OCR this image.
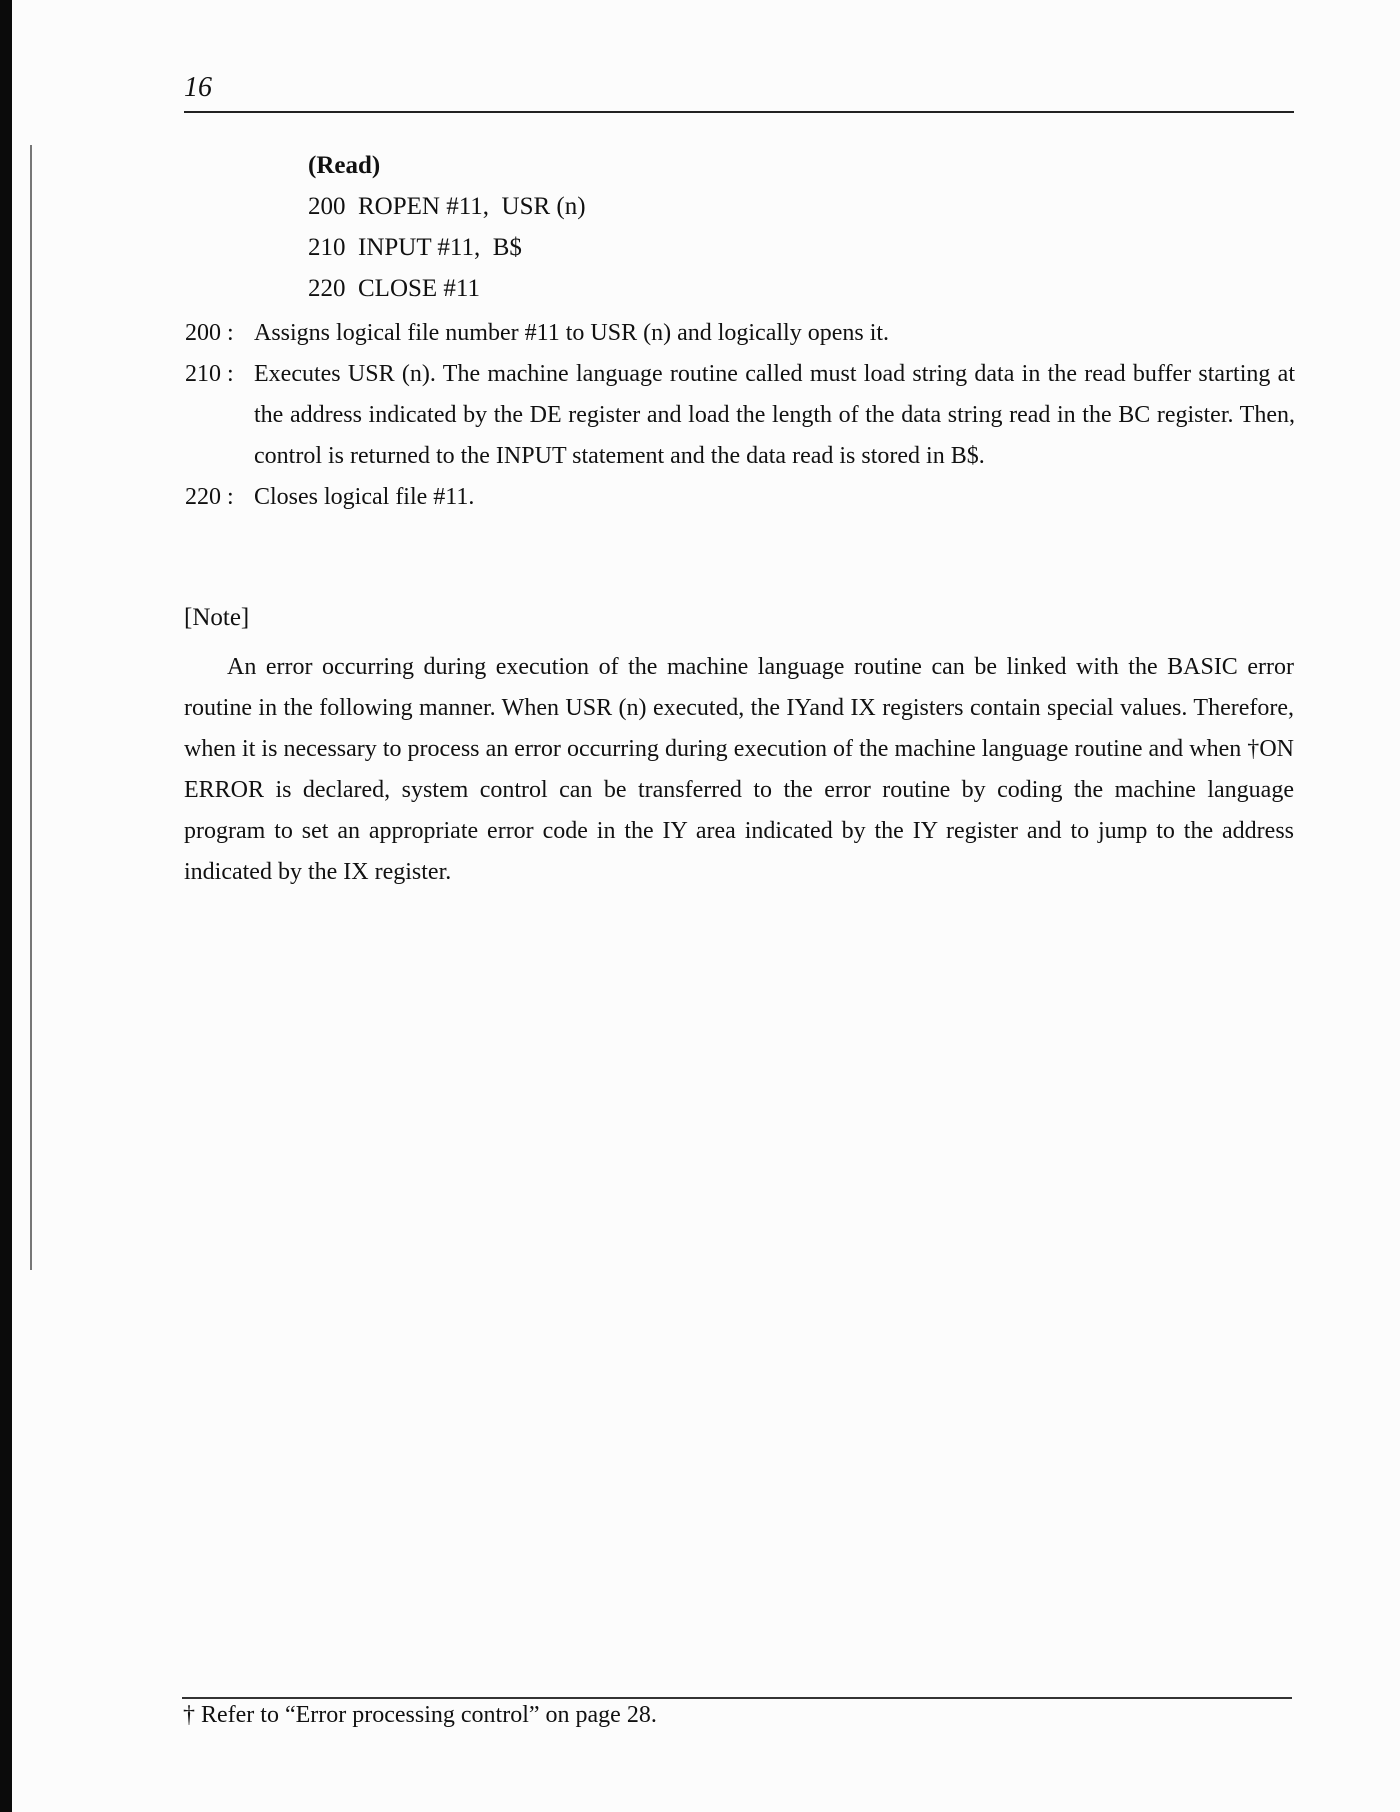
16

(Read)
200  ROPEN #11,  USR (n)
210  INPUT #11,  B$
220  CLOSE #11
200 : Assigns logical file number #11 to USR (n) and logically opens it.
210 : Executes USR (n). The machine language routine called must load string data in the read buffer starting at the address indicated by the DE register and load the length of the data string read in the BC register. Then, control is returned to the INPUT statement and the data read is stored in B$.
220 : Closes logical file #11.
[Note]

An error occurring during execution of the machine language routine can be linked with the BASIC error routine in the following manner. When USR (n) executed, the IYand IX registers contain special values. Therefore, when it is necessary to process an error occurring during execution of the machine language routine and when †ON ERROR is declared, system control can be transferred to the error routine by coding the machine language program to set an appropriate error code in the IY area indicated by the IY register and to jump to the address indicated by the IX register.

† Refer to “Error processing control” on page 28.
